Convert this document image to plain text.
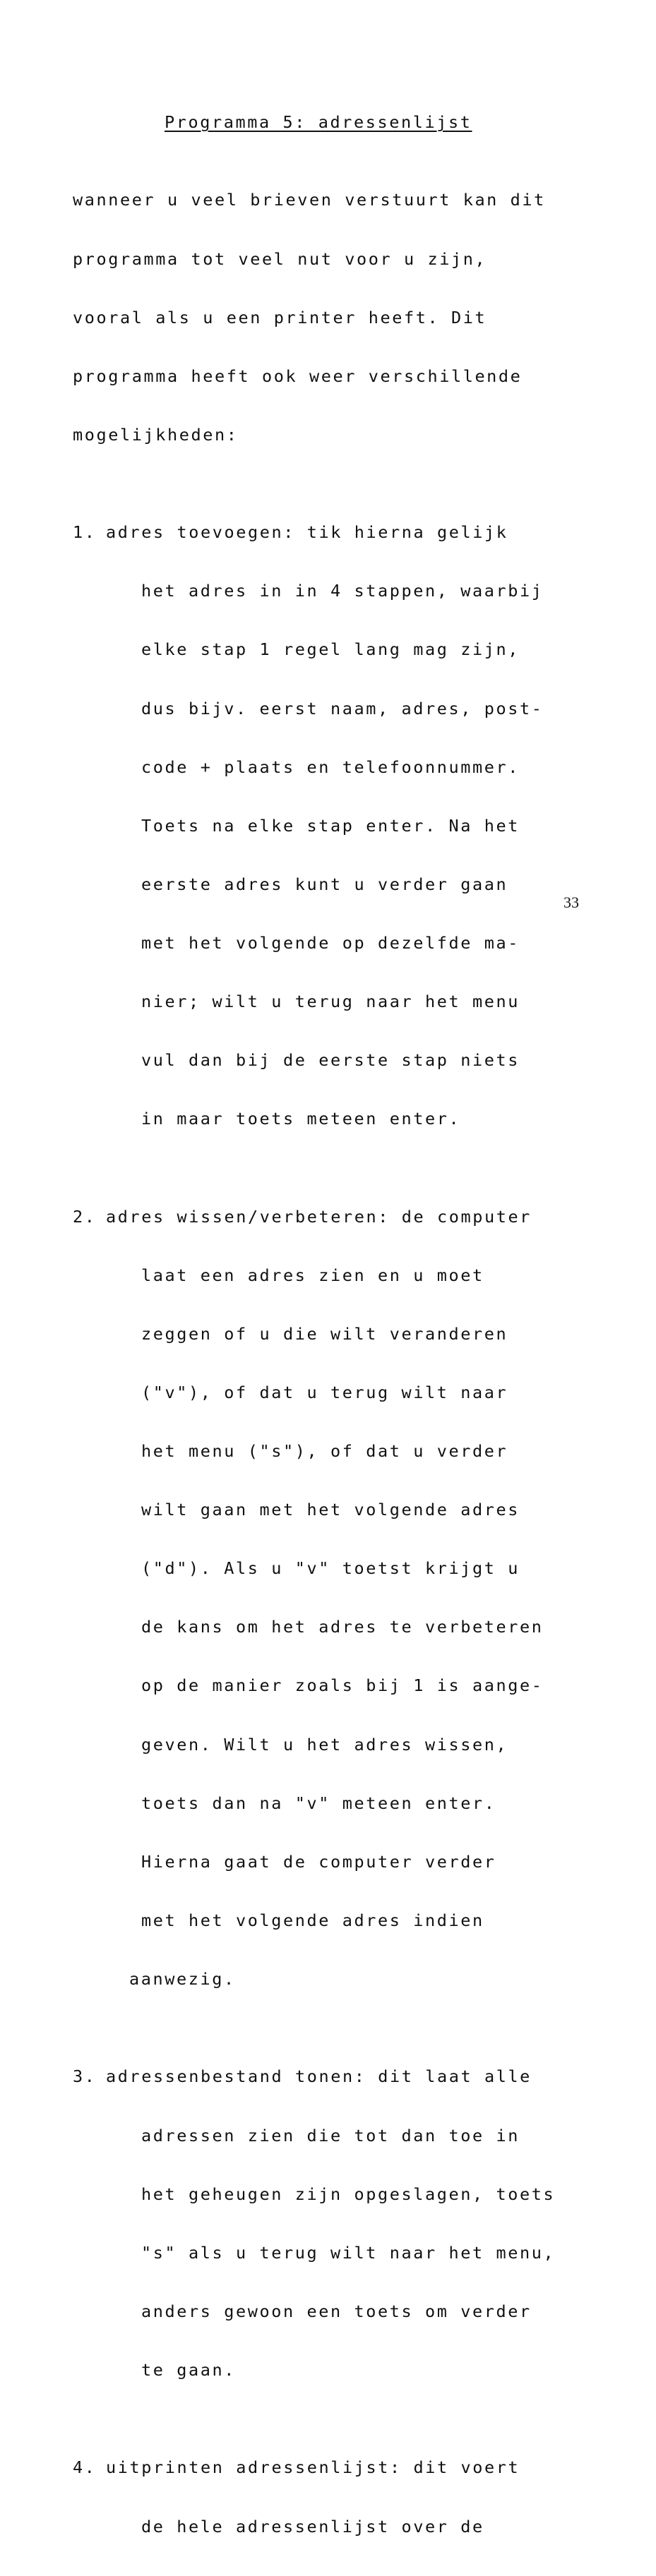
Programma 5: adressenlijst

wanneer u veel brieven verstuurt kan dit

programma tot veel nut voor u zijn,

vooral als u een printer heeft. Dit

programma heeft ook weer verschillende

mogelijkheden:

1. adres toevoegen: tik hierna gelijk

het adres in in 4 stappen, waarbij

elke stap 1 regel lang mag zijn,

dus bijv. eerst naam, adres, post-

code + plaats en telefoonnummer.

Toets na elke stap enter. Na het

eerste adres kunt u verder gaan

met het volgende op dezelfde ma-

nier; wilt u terug naar het menu

vul dan bij de eerste stap niets

in maar toets meteen enter.

2. adres wissen/verbeteren: de computer

laat een adres zien en u moet

zeggen of u die wilt veranderen

("v"), of dat u terug wilt naar

het menu ("s"), of dat u verder

wilt gaan met het volgende adres

("d"). Als u "v" toetst krijgt u

de kans om het adres te verbeteren

op de manier zoals bij 1 is aange-

geven. Wilt u het adres wissen,

toets dan na "v" meteen enter.

Hierna gaat de computer verder

met het volgende adres indien

aanwezig.

3. adressenbestand tonen: dit laat alle

adressen zien die tot dan toe in

het geheugen zijn opgeslagen, toets

"s" als u terug wilt naar het menu,

anders gewoon een toets om verder

te gaan.

4. uitprinten adressenlijst: dit voert

de hele adressenlijst over de

33
